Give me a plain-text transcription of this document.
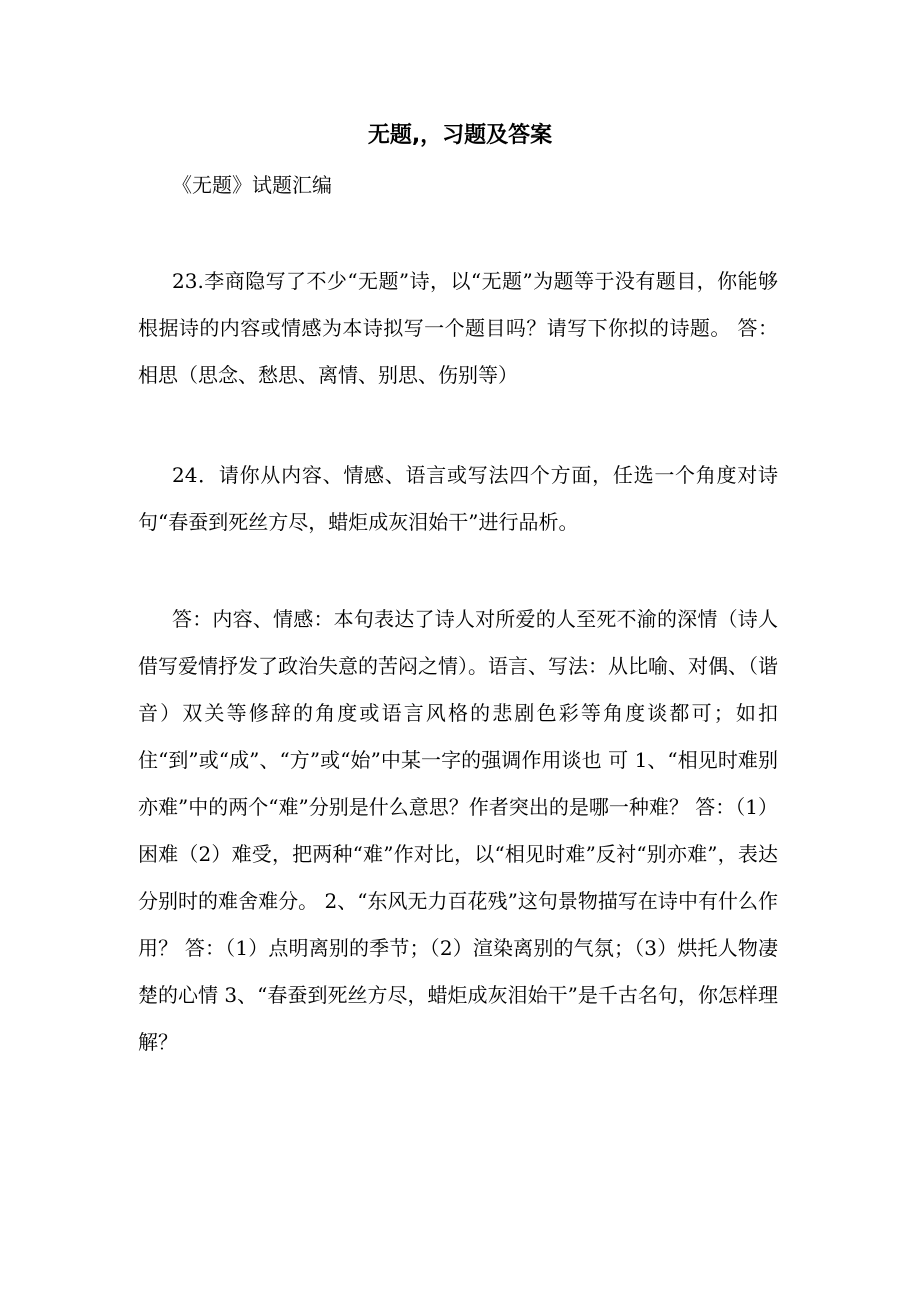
无题,，习题及答案
《无题》试题汇编

23.李商隐写了不少“无题”诗，以“无题”为题等于没有题目，你能够根据诗的内容或情感为本诗拟写一个题目吗？请写下你拟的诗题。 答：相思（思念、愁思、离情、别思、伤别等）

24．请你从内容、情感、语言或写法四个方面，任选一个角度对诗句“春蚕到死丝方尽，蜡炬成灰泪始干”进行品析。

答：内容、情感：本句表达了诗人对所爱的人至死不渝的深情（诗人借写爱情抒发了政治失意的苦闷之情）。语言、写法：从比喻、对偶、（谐音）双关等修辞的角度或语言风格的悲剧色彩等角度谈都可；如扣住“到”或“成”、“方”或“始”中某一字的强调作用谈也 可 1、“相见时难别亦难”中的两个“难”分别是什么意思？作者突出的是哪一种难？ 答：（1）困难（2）难受，把两种“难”作对比，以“相见时难”反衬“别亦难”，表达分别时的难舍难分。 2、“东风无力百花残”这句景物描写在诗中有什么作用？ 答：（1）点明离别的季节；（2）渲染离别的气氛；（3）烘托人物凄楚的心情 3、“春蚕到死丝方尽，蜡炬成灰泪始干”是千古名句，你怎样理解？
